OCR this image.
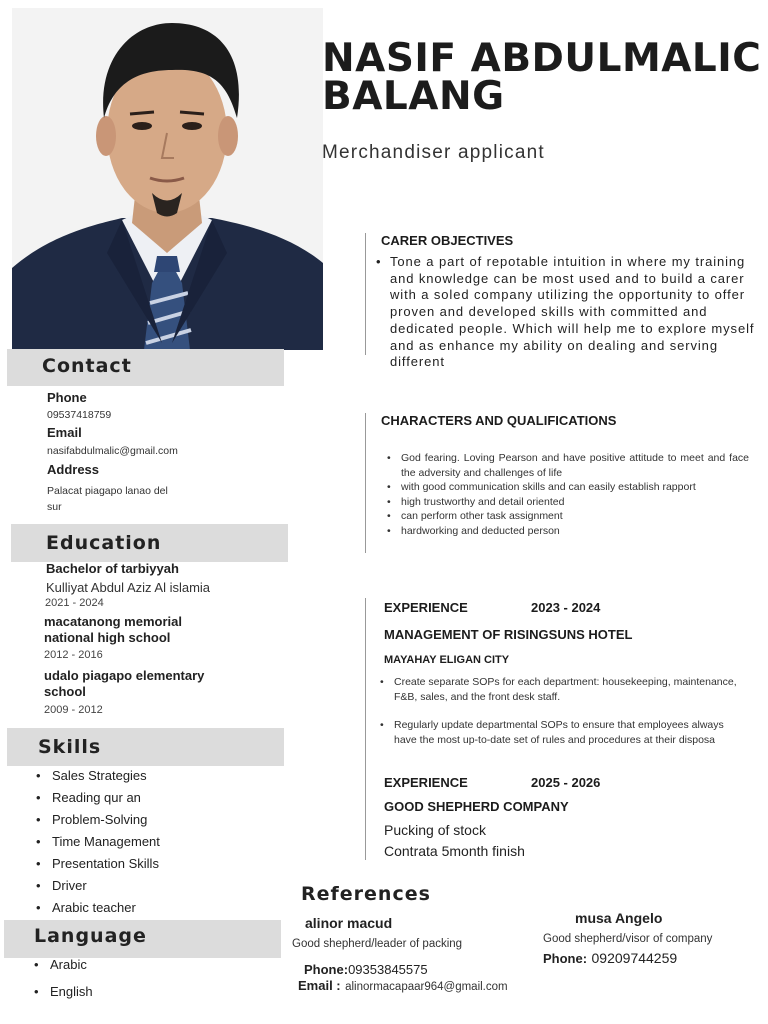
NASIF ABDULMALIC BALANG
Merchandiser applicant
Contact
Phone
09537418759
Email
nasifabdulmalic@gmail.com
Address
Palacat piagapo lanao del
sur
Education
Bachelor of tarbiyyah
Kulliyat Abdul Aziz Al islamia
2021 - 2024
macatanong memorial
national high school
2012 - 2016
udalo piagapo elementary
school
2009 - 2012
Skills
• Sales Strategies
• Reading qur an
• Problem-Solving
• Time Management
• Presentation Skills
• Driver
• Arabic teacher
Language
• Arabic
• English
CARER OBJECTIVES
• Tone a part of repotable intuition in where my training and knowledge can be most used and to build a carer with a soled company utilizing the opportunity to offer proven and developed skills with committed and dedicated people. Which will help me to explore myself and as enhance my ability on dealing and serving different
CHARACTERS AND QUALIFICATIONS
• God fearing. Loving Pearson and have positive attitude to meet and face the adversity and challenges of life
• with good communication skills and can easily establish rapport
• high trustworthy and detail oriented
• can perform other task assignment
• hardworking and deducted person
EXPERIENCE	2023 - 2024
MANAGEMENT OF RISINGSUNS HOTEL
MAYAHAY ELIGAN CITY
• Create separate SOPs for each department: housekeeping, maintenance, F&B, sales, and the front desk staff.
• Regularly update departmental SOPs to ensure that employees always have the most up-to-date set of rules and procedures at their disposa
EXPERIENCE	2025 - 2026
GOOD SHEPHERD COMPANY
Pucking of stock
Contrata 5month finish
References
alinor macud
Good shepherd/leader of packing
Phone:09353845575
Email : alinormacapaar964@gmail.com
musa Angelo
Good shepherd/visor of company
Phone: 09209744259
